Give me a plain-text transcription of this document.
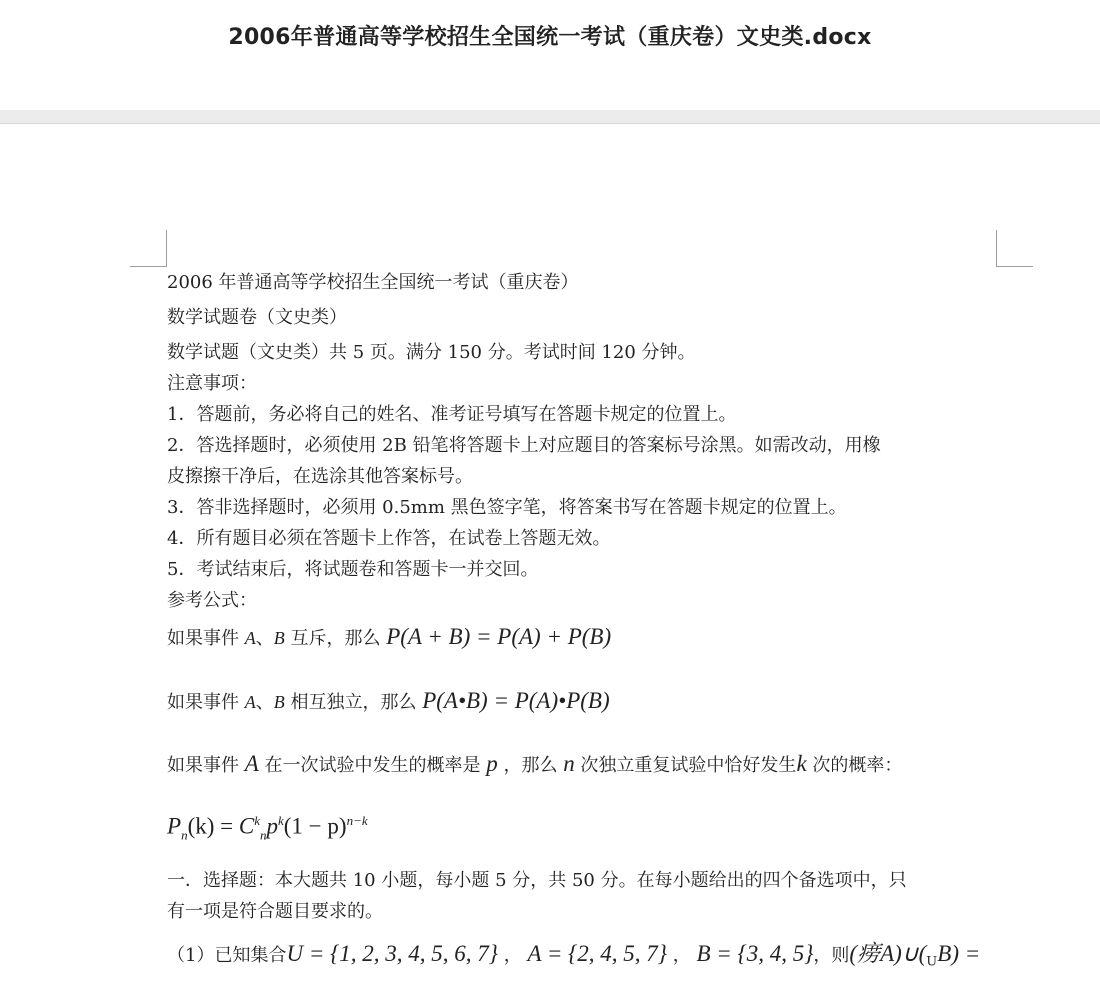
2006年普通高等学校招生全国统一考试（重庆卷）文史类.docx
2006 年普通高等学校招生全国统一考试（重庆卷）
数学试题卷（文史类）
数学试题（文史类）共 5 页。满分 150 分。考试时间 120 分钟。
注意事项：
1．答题前，务必将自己的姓名、准考证号填写在答题卡规定的位置上。
2．答选择题时，必须使用 2B 铅笔将答题卡上对应题目的答案标号涂黑。如需改动，用橡
皮擦擦干净后，在选涂其他答案标号。
3．答非选择题时，必须用 0.5mm 黑色签字笔，将答案书写在答题卡规定的位置上。
4．所有题目必须在答题卡上作答，在试卷上答题无效。
5．考试结束后，将试题卷和答题卡一并交回。
参考公式：
如果事件 A、B 互斥，那么 P(A + B) = P(A) + P(B)
如果事件 A、B 相互独立，那么 P(A•B) = P(A)•P(B)
如果事件 A 在一次试验中发生的概率是 p ，那么 n 次独立重复试验中恰好发生k 次的概率：
$P_n(k) = C^k_np^k(1 - p)^{n-k}$
一．选择题：本大题共 10 小题，每小题 5 分，共 50 分。在每小题给出的四个备选项中，只
有一项是符合题目要求的。
（1）已知集合U = {1, 2, 3, 4, 5, 6, 7} ， A = {2, 4, 5, 7} ， B = {3, 4, 5}，则(痨$A)\cup(_UB)$ =
